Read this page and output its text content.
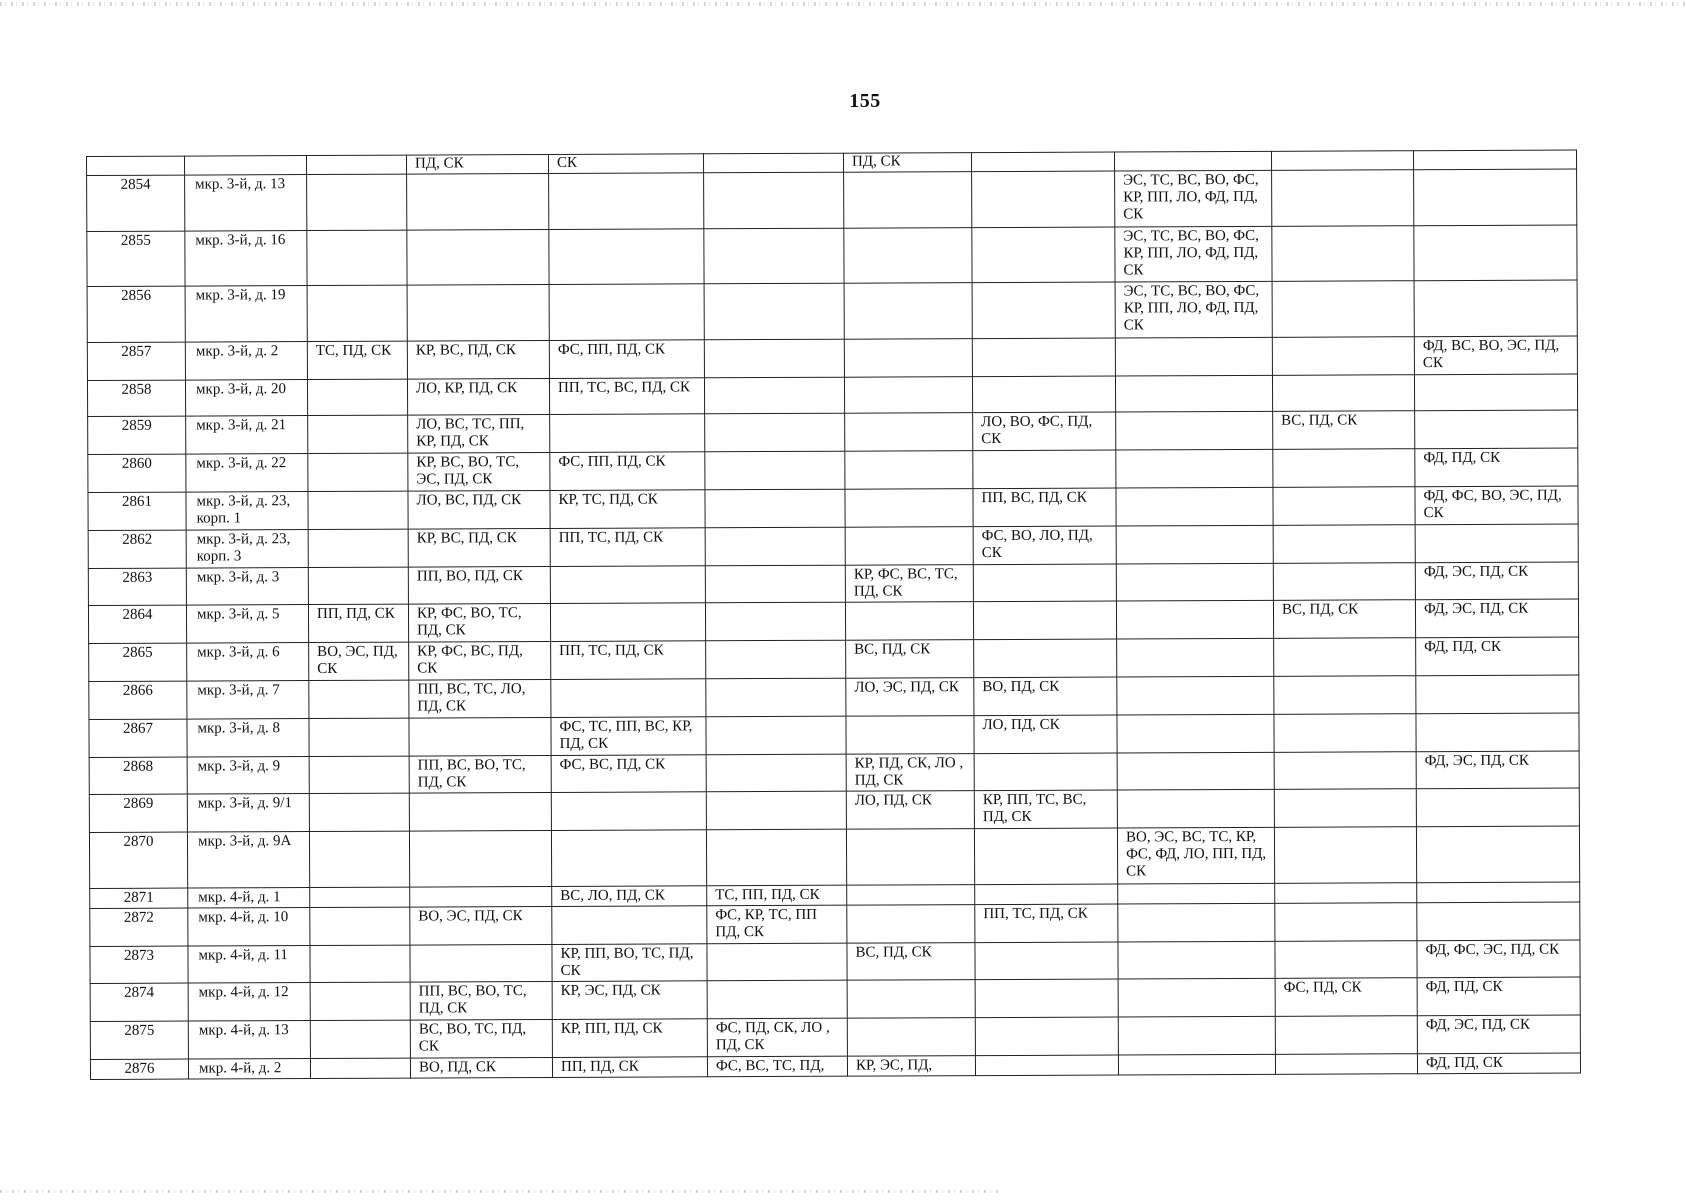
155
			ПД, СК	СК		ПД, СК				
2854	мкр. 3-й, д. 13							ЭС, ТС, ВС, ВО, ФС, КР, ПП, ЛО, ФД, ПД, СК		
2855	мкр. 3-й, д. 16							ЭС, ТС, ВС, ВО, ФС, КР, ПП, ЛО, ФД, ПД, СК		
2856	мкр. 3-й, д. 19							ЭС, ТС, ВС, ВО, ФС, КР, ПП, ЛО, ФД, ПД, СК		
2857	мкр. 3-й, д. 2	ТС, ПД, СК	КР, ВС, ПД, СК	ФС, ПП, ПД, СК						ФД, ВС, ВО, ЭС, ПД, СК
2858	мкр. 3-й, д. 20		ЛО, КР, ПД, СК	ПП, ТС, ВС, ПД, СК						
2859	мкр. 3-й, д. 21		ЛО, ВС, ТС, ПП, КР, ПД, СК				ЛО, ВО, ФС, ПД, СК		ВС, ПД, СК	
2860	мкр. 3-й, д. 22		КР, ВС, ВО, ТС, ЭС, ПД, СК	ФС, ПП, ПД, СК						ФД, ПД, СК
2861	мкр. 3-й, д. 23, корп. 1		ЛО, ВС, ПД, СК	КР, ТС, ПД, СК			ПП, ВС, ПД, СК			ФД, ФС, ВО, ЭС, ПД, СК
2862	мкр. 3-й, д. 23, корп. 3		КР, ВС, ПД, СК	ПП, ТС, ПД, СК			ФС, ВО, ЛО, ПД, СК			
2863	мкр. 3-й, д. 3		ПП, ВО, ПД, СК			КР, ФС, ВС, ТС, ПД, СК				ФД, ЭС, ПД, СК
2864	мкр. 3-й, д. 5	ПП, ПД, СК	КР, ФС, ВО, ТС, ПД, СК						ВС, ПД, СК	ФД, ЭС, ПД, СК
2865	мкр. 3-й, д. 6	ВО, ЭС, ПД, СК	КР, ФС, ВС, ПД, СК	ПП, ТС, ПД, СК		ВС, ПД, СК				ФД, ПД, СК
2866	мкр. 3-й, д. 7		ПП, ВС, ТС, ЛО, ПД, СК			ЛО, ЭС, ПД, СК	ВО, ПД, СК			
2867	мкр. 3-й, д. 8			ФС, ТС, ПП, ВС, КР, ПД, СК			ЛО, ПД, СК			
2868	мкр. 3-й, д. 9		ПП, ВС, ВО, ТС, ПД, СК	ФС, ВС, ПД, СК		КР, ПД, СК, ЛО , ПД, СК				ФД, ЭС, ПД, СК
2869	мкр. 3-й, д. 9/1					ЛО, ПД, СК	КР, ПП, ТС, ВС, ПД, СК			
2870	мкр. 3-й, д. 9А							ВО, ЭС, ВС, ТС, КР, ФС, ФД, ЛО, ПП, ПД, СК		
2871	мкр. 4-й, д. 1			ВС, ЛО, ПД, СК	ТС, ПП, ПД, СК					
2872	мкр. 4-й, д. 10		ВО, ЭС, ПД, СК		ФС, КР, ТС, ПП ПД, СК		ПП, ТС, ПД, СК			
2873	мкр. 4-й, д. 11			КР, ПП, ВО, ТС, ПД, СК		ВС, ПД, СК				ФД, ФС, ЭС, ПД, СК
2874	мкр. 4-й, д. 12		ПП, ВС, ВО, ТС, ПД, СК	КР, ЭС, ПД, СК					ФС, ПД, СК	ФД, ПД, СК
2875	мкр. 4-й, д. 13		ВС, ВО, ТС, ПД, СК	КР, ПП, ПД, СК	ФС, ПД, СК, ЛО , ПД, СК					ФД, ЭС, ПД, СК
2876	мкр. 4-й, д. 2		ВО, ПД, СК	ПП, ПД, СК	ФС, ВС, ТС, ПД,	КР, ЭС, ПД,				ФД, ПД, СК
